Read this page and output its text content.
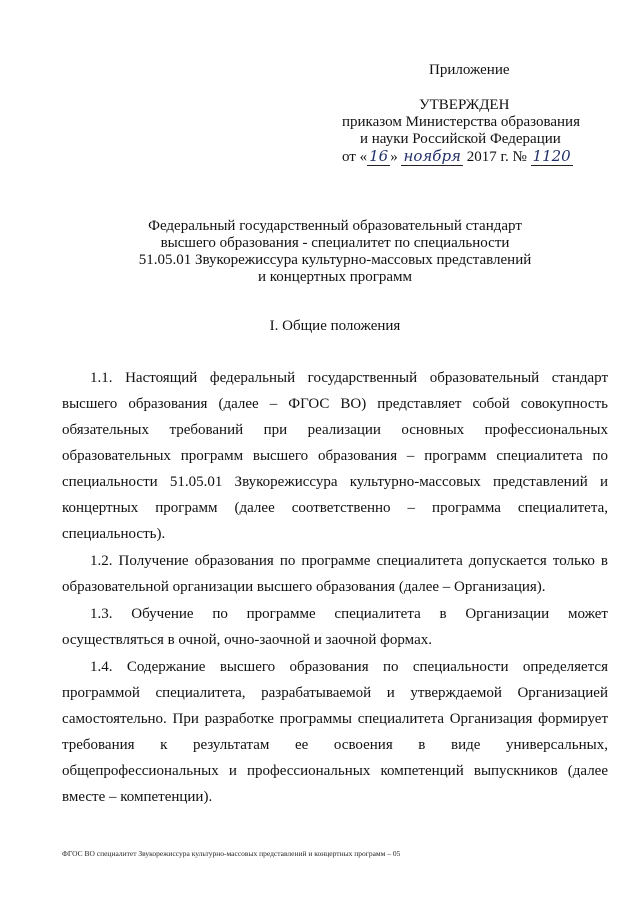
Приложение
УТВЕРЖДЕН
приказом Министерства образования
и науки Российской Федерации
от « 16 » ноября 2017 г. № 1120
Федеральный государственный образовательный стандарт
высшего образования - специалитет по специальности
51.05.01 Звукорежиссура культурно-массовых представлений
и концертных программ
I. Общие положения

1.1. Настоящий федеральный государственный образовательный стандарт высшего образования (далее – ФГОС ВО) представляет собой совокупность обязательных требований при реализации основных профессиональных образовательных программ высшего образования – программ специалитета по специальности 51.05.01 Звукорежиссура культурно-массовых представлений и концертных программ (далее соответственно – программа специалитета, специальность).

1.2. Получение образования по программе специалитета допускается только в образовательной организации высшего образования (далее – Организация).

1.3. Обучение по программе специалитета в Организации может осуществляться в очной, очно-заочной и заочной формах.

1.4. Содержание высшего образования по специальности определяется программой специалитета, разрабатываемой и утверждаемой Организацией самостоятельно. При разработке программы специалитета Организация формирует требования к результатам ее освоения в виде универсальных, общепрофессиональных и профессиональных компетенций выпускников (далее вместе – компетенции).

ФГОС ВО специалитет Звукорежиссура культурно-массовых представлений и концертных программ – 05
